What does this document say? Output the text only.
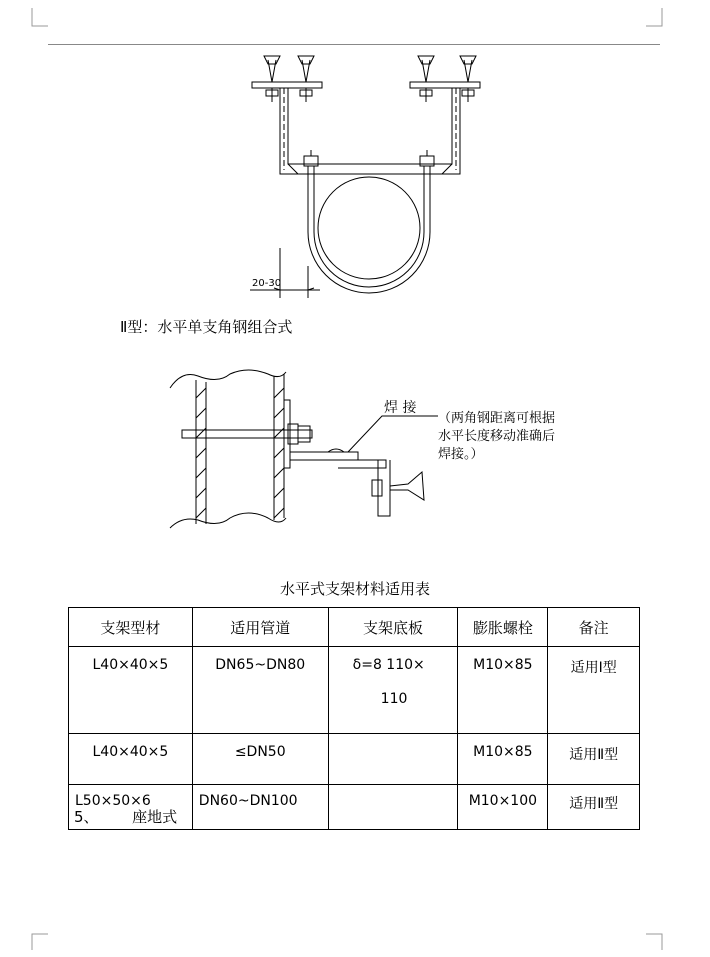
20-30
Ⅱ型：水平单支角钢组合式
焊 接
（两角钢距离可根据
水平长度移动准确后
焊接。）
水平式支架材料适用表
支架型材	适用管道	支架底板	膨胀螺栓	备注
L40×40×5	DN65~DN80	δ=8 110×
110	M10×85	适用Ⅰ型
L40×40×5	≤DN50		M10×85	适用Ⅱ型
L50×50×6	DN60~DN100		M10×100	适用Ⅱ型
5、 座地式
